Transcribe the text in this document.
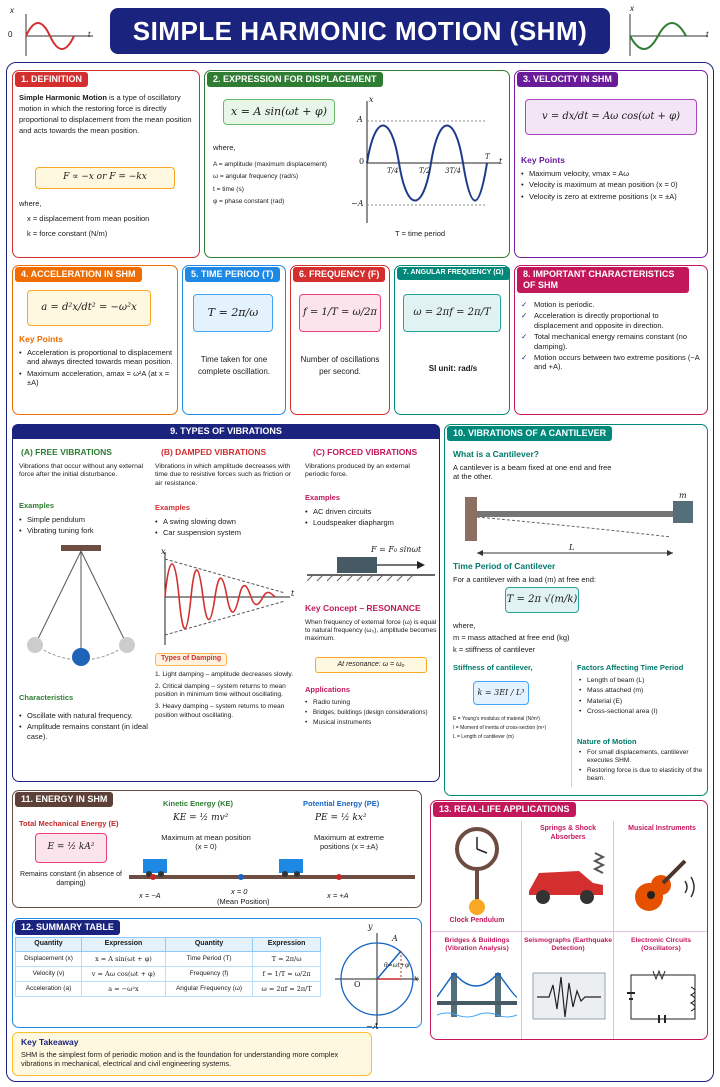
x
0	t SIMPLE HARMONIC MOTION (SHM)
x
t
1. DEFINITION
Simple Harmonic Motion is a type of oscillatory motion in which the restoring force is directly proportional to displacement from the mean position and acts towards the mean position.
F ∝ −x or F = −kx
where,
x = displacement from mean position
k = force constant (N/m)
2. EXPRESSION FOR DISPLACEMENT
x = A sin(ωt + φ)
where,
A = amplitude (maximum displacement)
ω = angular frequency (rad/s)
t = time (s)
φ = phase constant (rad)
x
t
A
−A
0
T/4	T/2 3T/4
T
T = time period
3. VELOCITY IN SHM
v = dx/dt = Aω cos(ωt + φ)
Key Points
• Maximum velocity, vmax = Aω
• Velocity is maximum at mean position (x = 0)
• Velocity is zero at extreme positions (x = ±A)
4. ACCELERATION IN SHM
a = d²x/dt² = −ω²x
Key Points
• Acceleration is proportional to displacement and always directed towards mean position.
• Maximum acceleration, amax = ω²A (at x = ±A)
5. TIME PERIOD (T)
T = 2π/ω
Time taken for one complete oscillation.
6. FREQUENCY (F)
f = 1/T = ω/2π
Number of oscillations per second.
7. ANGULAR FREQUENCY (Ω)
ω = 2πf = 2π/T
SI unit: rad/s
8. IMPORTANT CHARACTERISTICS OF SHM
✓ Motion is periodic.
✓ Acceleration is directly proportional to displacement and opposite in direction.
✓ Total mechanical energy remains constant (no damping).
✓ Motion occurs between two extreme positions (−A and +A).
9. TYPES OF VIBRATIONS
(A) FREE VIBRATIONS
Vibrations that occur without any external force after the initial disturbance.
Examples
• Simple pendulum
• Vibrating tuning fork
Characteristics
• Oscillate with natural frequency.
• Amplitude remains constant (in ideal case).
(B) DAMPED VIBRATIONS
Vibrations in which amplitude decreases with time due to resistive forces such as friction or air resistance.
Examples
• A swing slowing down
• Car suspension system
x
t
Types of Damping
1. Light damping – amplitude decreases slowly.
2. Critical damping – system returns to mean position in minimum time without oscillating.
3. Heavy damping – system returns to mean position without oscillating.
(C) FORCED VIBRATIONS
Vibrations produced by an external periodic force.
Examples
• AC driven circuits
• Loudspeaker diaphargm
F = F₀ sinωt
Key Concept – RESONANCE
When frequency of external force (ω) is equal to natural frequency (ω₀), amplitude becomes maximum.
At resonance: ω = ω₀
Applications
• Radio tuning
• Bridges, buildings (design considerations)
• Musical instruments
10. VIBRATIONS OF A CANTILEVER
What is a Cantilever?
A cantilever is a beam fixed at one end and free at the other.
m
L
Time Period of Cantilever
For a cantilever with a load (m) at free end:
T = 2π √(m/k)
where,
m = mass attached at free end (kg)
k = stiffness of cantilever
Stiffness of cantilever,
k = 3EI / L³
E = Young's modulus of material (N/m²)
I = Moment of inertia of cross-section (m⁴)
L = Length of cantilever (m)
Factors Affecting Time Period
• Length of beam (L)
• Mass attached (m)
• Material (E)
• Cross-sectional area (I)
Nature of Motion
• For small displacements, cantilever executes SHM.
• Restoring force is due to elasticity of the beam.
11. ENERGY IN SHM
Total Mechanical Energy (E)
E = ½ kA²
Remains constant (in absence of damping)
Kinetic Energy (KE)
KE = ½ mv²
Maximum at mean position (x = 0)
Potential Energy (PE)
PE = ½ kx²
Maximum at extreme positions (x = ±A)
x = −A	x = 0
(Mean Position)
x = +A
12. SUMMARY TABLE
Quantity	Expression	Quantity	Expression
Displacement (x)	x = A sin(ωt + φ)	Time Period (T)	T = 2π/ω
Velocity (v)	v = Aω cos(ωt + φ)	Frequency (f)	f = 1/T = ω/2π
Acceleration (a)	a = −ω²x	Angular Frequency (ω)	ω = 2πf = 2π/T
y
A
−A
x
O
θ=ωt+φ
Key Takeaway
SHM is the simplest form of periodic motion and is the foundation for understanding more complex vibrations in mechanical, electrical and civil engineering systems.
13. REAL-LIFE APPLICATIONS
Clock Pendulum
Springs & Shock Absorbers
Musical Instruments
Bridges & Buildings (Vibration Analysis)
Seismographs (Earthquake Detection)
Electronic Circuits (Oscillators)
